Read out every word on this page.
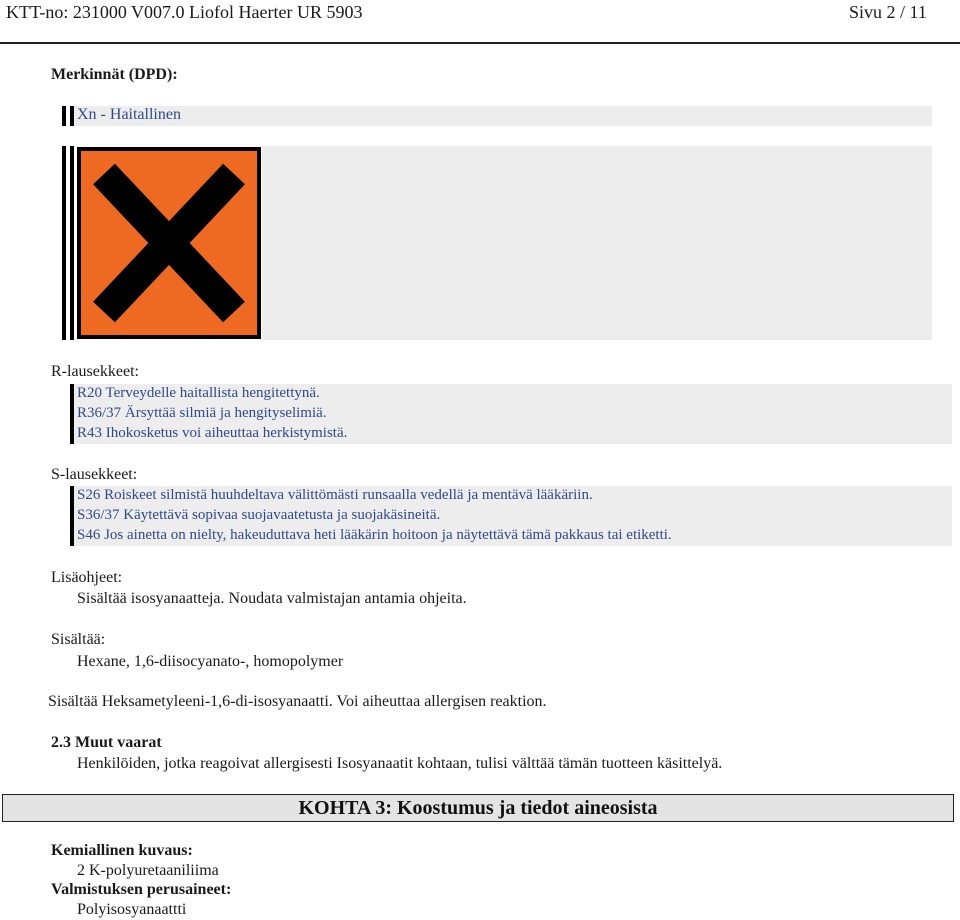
KTT-no: 231000 V007.0 Liofol Haerter UR 5903	Sivu 2 / 11
Merkinnät (DPD):
Xn - Haitallinen
R-lausekkeet:
R20 Terveydelle haitallista hengitettynä.
R36/37 Ärsyttää silmiä ja hengityselimiä.
R43 Ihokosketus voi aiheuttaa herkistymistä.
S-lausekkeet:
S26 Roiskeet silmistä huuhdeltava välittömästi runsaalla vedellä ja mentävä lääkäriin.
S36/37 Käytettävä sopivaa suojavaatetusta ja suojakäsineitä.
S46 Jos ainetta on nielty, hakeuduttava heti lääkärin hoitoon ja näytettävä tämä pakkaus tai etiketti.
Lisäohjeet:
Sisältää isosyanaatteja. Noudata valmistajan antamia ohjeita.
Sisältää:
Hexane, 1,6-diisocyanato-, homopolymer
Sisältää Heksametyleeni-1,6-di-isosyanaatti. Voi aiheuttaa allergisen reaktion.
2.3 Muut vaarat
Henkilöiden, jotka reagoivat allergisesti Isosyanaatit kohtaan, tulisi välttää tämän tuotteen käsittelyä.
KOHTA 3: Koostumus ja tiedot aineosista
Kemiallinen kuvaus:
2 K-polyuretaaniliima
Valmistuksen perusaineet:
Polyisosyanaattti
